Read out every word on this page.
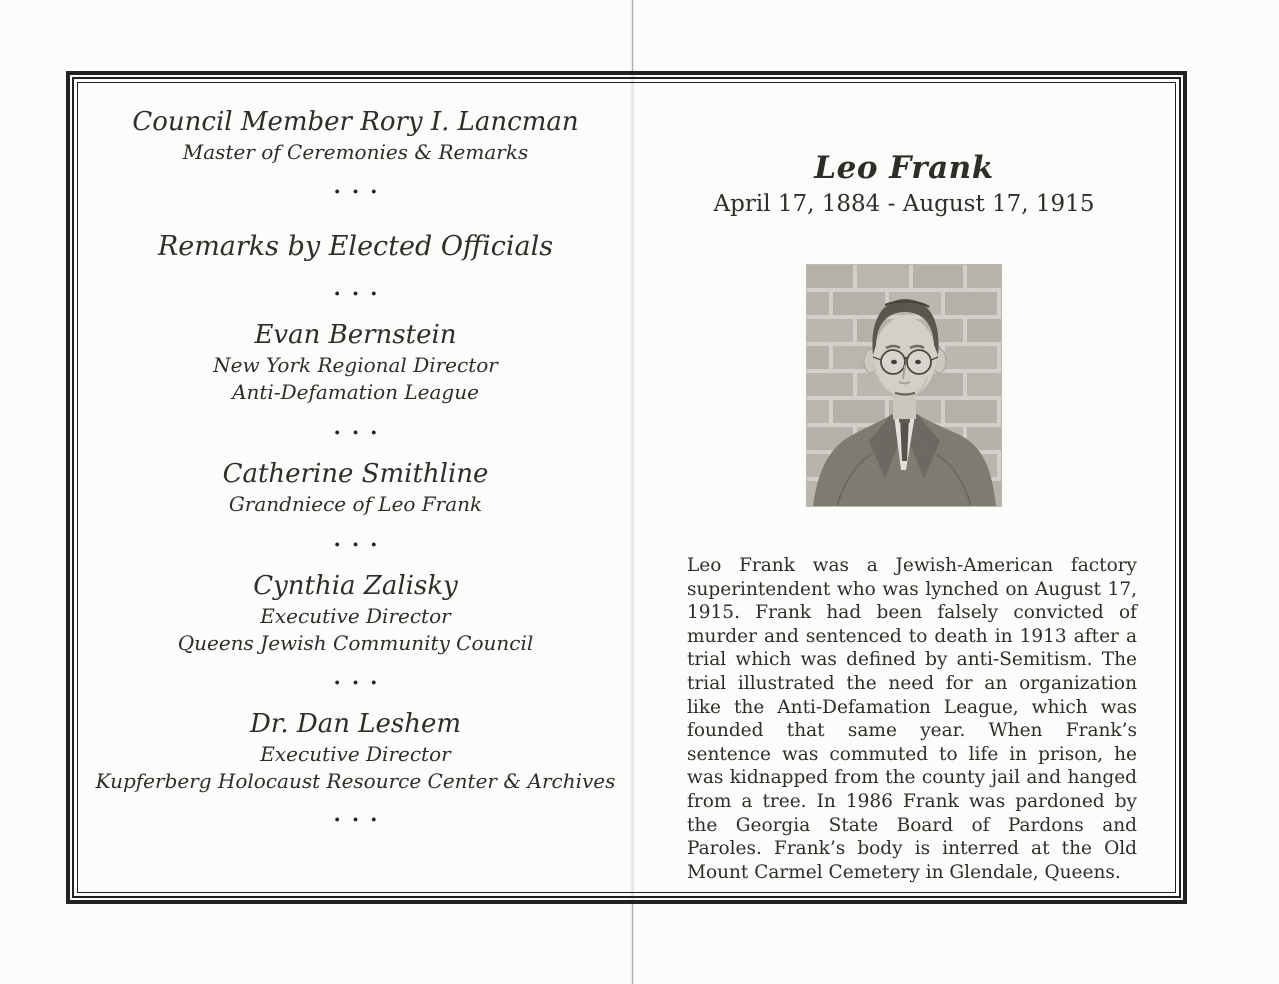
Council Member Rory I. Lancman
Master of Ceremonies & Remarks
···
Remarks by Elected Officials
···
Evan Bernstein
New York Regional Director
Anti-Defamation League
···
Catherine Smithline
Grandniece of Leo Frank
···
Cynthia Zalisky
Executive Director
Queens Jewish Community Council
···
Dr. Dan Leshem
Executive Director
Kupferberg Holocaust Resource Center & Archives
···
Leo Frank
April 17, 1884 - August 17, 1915

Leo Frank was a Jewish-American factory superintendent who was lynched on August 17, 1915. Frank had been falsely convicted of murder and sentenced to death in 1913 after a trial which was defined by anti-Semitism. The trial illustrated the need for an organization like the Anti-Defamation League, which was founded that same year. When Frank’s sentence was commuted to life in prison, he was kidnapped from the county jail and hanged from a tree. In 1986 Frank was pardoned by the Georgia State Board of Pardons and Paroles. Frank’s body is interred at the Old Mount Carmel Cemetery in Glendale, Queens.
